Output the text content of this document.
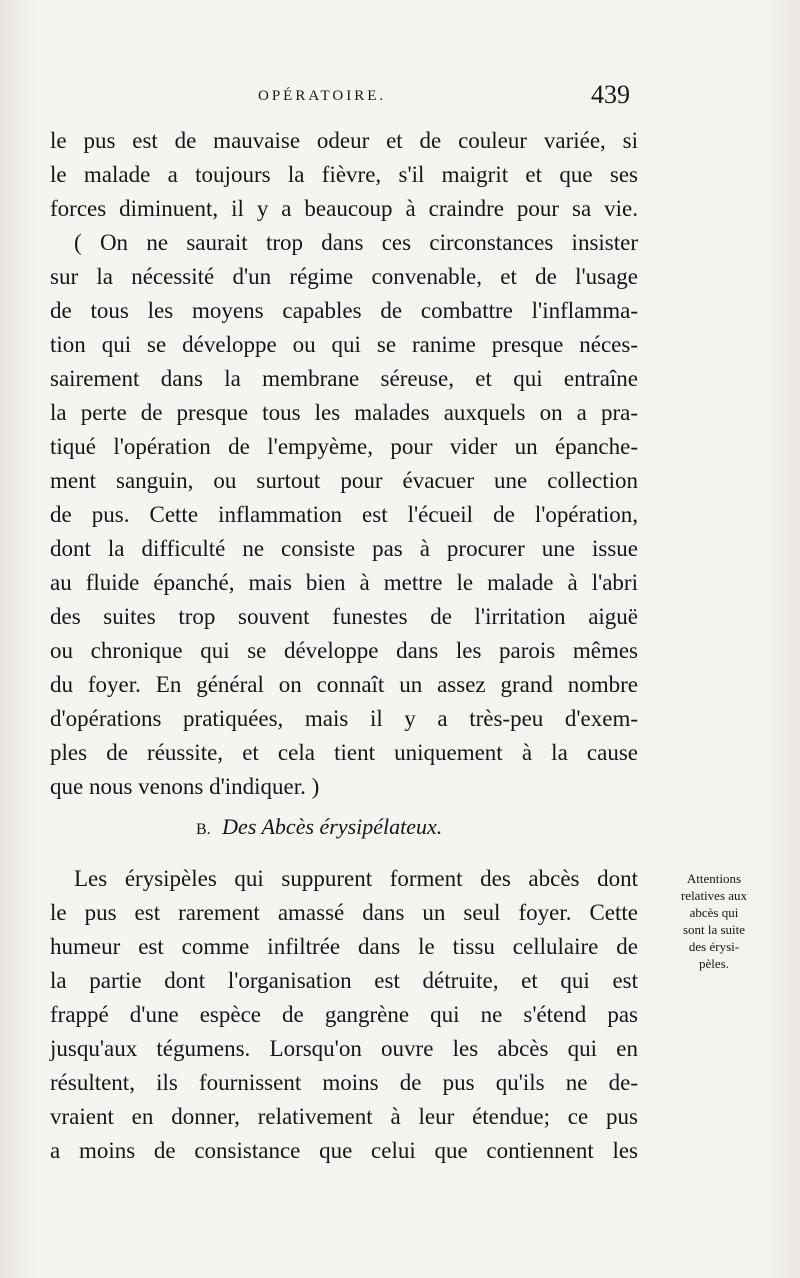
OPÉRATOIRE.	439
le pus est de mauvaise odeur et de couleur variée, si
le malade a toujours la fièvre, s'il maigrit et que ses
forces diminuent, il y a beaucoup à craindre pour sa vie.
( On ne saurait trop dans ces circonstances insister
sur la nécessité d'un régime convenable, et de l'usage
de tous les moyens capables de combattre l'inflamma-
tion qui se développe ou qui se ranime presque néces-
sairement dans la membrane séreuse, et qui entraîne
la perte de presque tous les malades auxquels on a pra-
tiqué l'opération de l'empyème, pour vider un épanche-
ment sanguin, ou surtout pour évacuer une collection
de pus. Cette inflammation est l'écueil de l'opération,
dont la difficulté ne consiste pas à procurer une issue
au fluide épanché, mais bien à mettre le malade à l'abri
des suites trop souvent funestes de l'irritation aiguë
ou chronique qui se développe dans les parois mêmes
du foyer. En général on connaît un assez grand nombre
d'opérations pratiquées, mais il y a très-peu d'exem-
ples de réussite, et cela tient uniquement à la cause
que nous venons d'indiquer. )
B. Des Abcès érysipélateux.
Les érysipèles qui suppurent forment des abcès dont
le pus est rarement amassé dans un seul foyer. Cette
humeur est comme infiltrée dans le tissu cellulaire de
la partie dont l'organisation est détruite, et qui est
frappé d'une espèce de gangrène qui ne s'étend pas
jusqu'aux tégumens. Lorsqu'on ouvre les abcès qui en
résultent, ils fournissent moins de pus qu'ils ne de-
vraient en donner, relativement à leur étendue; ce pus
a moins de consistance que celui que contiennent les
Attentions
relatives aux
abcès qui
sont la suite
des érysi-
pèles.
